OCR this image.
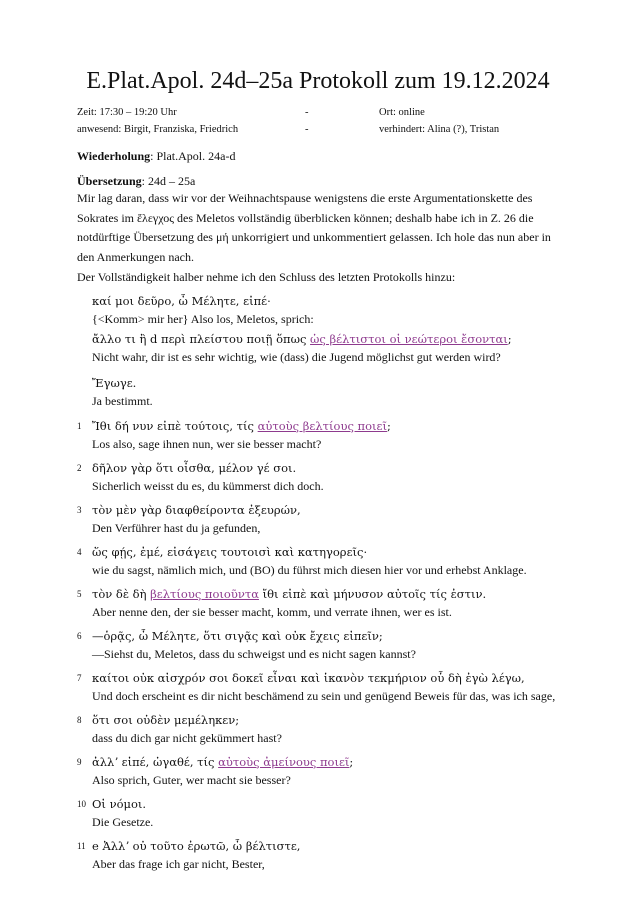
E.Plat.Apol. 24d–25a Protokoll zum 19.12.2024
Zeit: 17:30 – 19:20 Uhr	-	Ort: online
anwesend: Birgit, Franziska, Friedrich	-	verhindert: Alina (?), Tristan
Wiederholung: Plat.Apol. 24a-d
Übersetzung: 24d – 25a
Mir lag daran, dass wir vor der Weihnachtspause wenigstens die erste Argumentationskette des
Sokrates im ἔλεγχος des Meletos vollständig überblicken können; deshalb habe ich in Z. 26 die
notdürftige Übersetzung des μή unkorrigiert und unkommentiert gelassen. Ich hole das nun aber in
den Anmerkungen nach.
Der Vollständigkeit halber nehme ich den Schluss des letzten Protokolls hinzu:
καί μοι δεῦρο, ὦ Μέλητε, εἰπέ·
{<Komm> mir her} Also los, Meletos, sprich:
ἄλλο τι ἢ d περὶ πλείστου ποιῇ ὅπως ὡς βέλτιστοι οἱ νεώτεροι ἔσονται;
Nicht wahr, dir ist es sehr wichtig, wie (dass) die Jugend möglichst gut werden wird?
Ἔγωγε.
Ja bestimmt.
1 Ἴθι δή νυν εἰπὲ τούτοις, τίς αὐτοὺς βελτίους ποιεῖ;
Los also, sage ihnen nun, wer sie besser macht?
2 δῆλον γὰρ ὅτι οἶσθα, μέλον γέ σοι.
Sicherlich weisst du es, du kümmerst dich doch.
3 τὸν μὲν γὰρ διαφθείροντα ἐξευρών,
Den Verführer hast du ja gefunden,
4 ὥς φῄς, ἐμέ, εἰσάγεις τουτοισὶ καὶ κατηγορεῖς·
wie du sagst, nämlich mich, und (BO) du führst mich diesen hier vor und erhebst Anklage.
5 τὸν δὲ δὴ βελτίους ποιοῦντα ἴθι εἰπὲ καὶ μήνυσον αὐτοῖς τίς ἐστιν.
Aber nenne den, der sie besser macht, komm, und verrate ihnen, wer es ist.
6 —ὁρᾷς, ὦ Μέλητε, ὅτι σιγᾷς καὶ οὐκ ἔχεις εἰπεῖν;
—Siehst du, Meletos, dass du schweigst und es nicht sagen kannst?
7 καίτοι οὐκ αἰσχρόν σοι δοκεῖ εἶναι καὶ ἱκανὸν τεκμήριον οὗ δὴ ἐγὼ λέγω,
Und doch erscheint es dir nicht beschämend zu sein und genügend Beweis für das, was ich sage,
8 ὅτι σοι οὐδὲν μεμέληκεν;
dass du dich gar nicht gekümmert hast?
9 ἀλλʼ εἰπέ, ὠγαθέ, τίς αὐτοὺς ἀμείνους ποιεῖ;
Also sprich, Guter, wer macht sie besser?
10 Οἱ νόμοι.
Die Gesetze.
11 e Ἀλλʼ οὐ τοῦτο ἐρωτῶ, ὦ βέλτιστε,
Aber das frage ich gar nicht, Bester,
